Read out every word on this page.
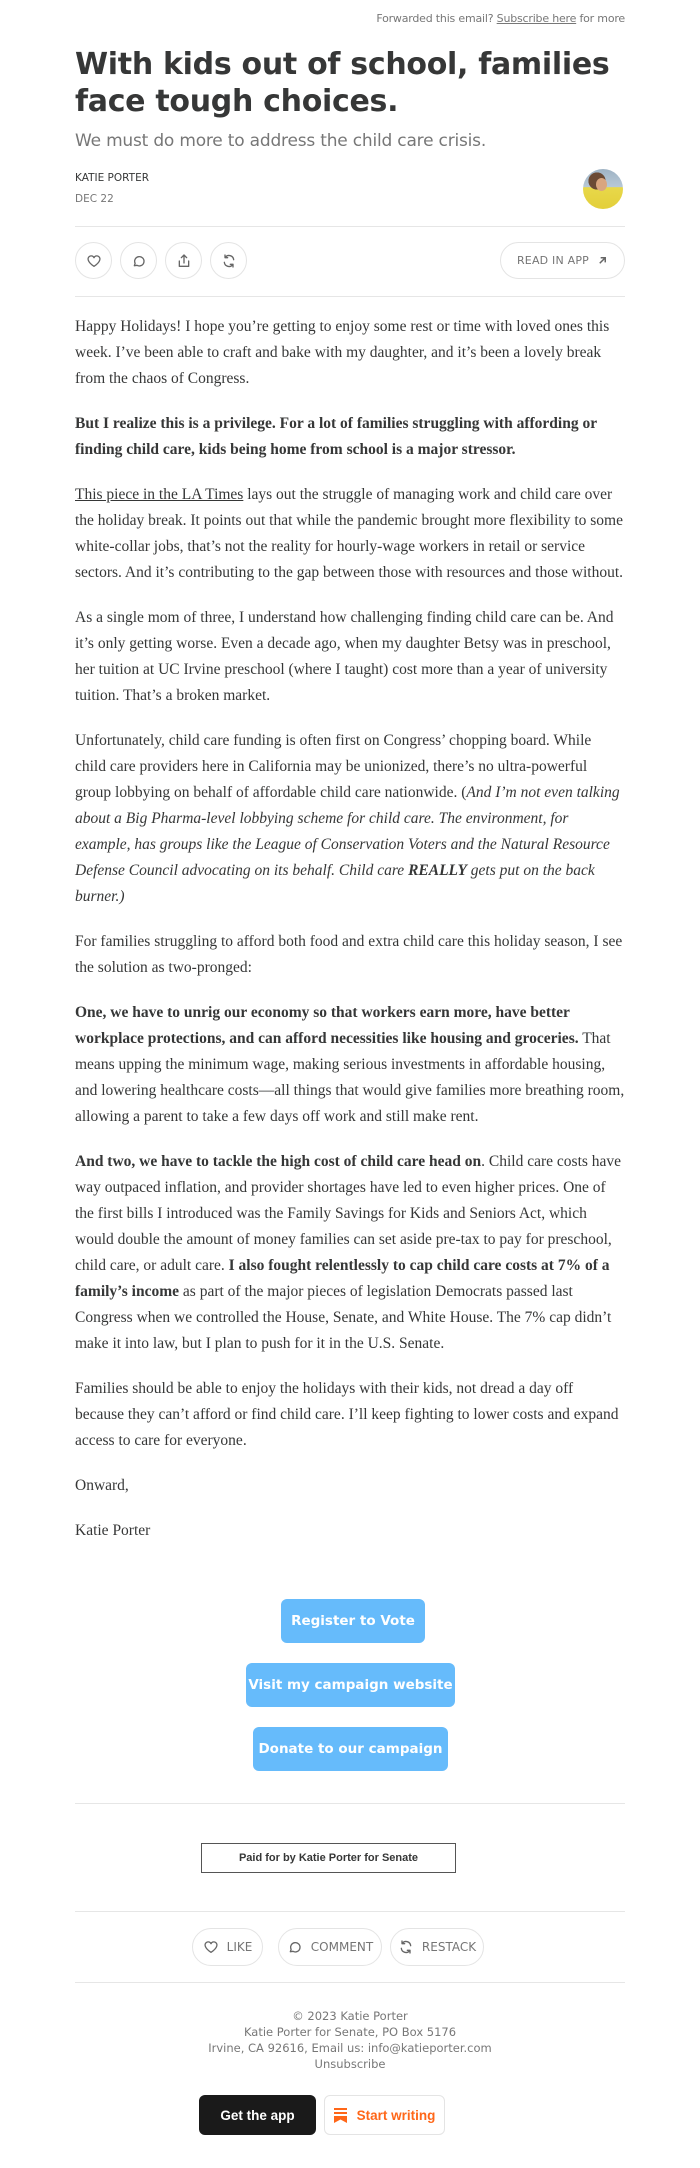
Forwarded this email? Subscribe here for more
With kids out of school, families face tough choices.
We must do more to address the child care crisis.
KATIE PORTER
DEC 22
READ IN APP

Happy Holidays! I hope you’re getting to enjoy some rest or time with loved ones this week. I’ve been able to craft and bake with my daughter, and it’s been a lovely break from the chaos of Congress.

But I realize this is a privilege. For a lot of families struggling with affording or finding child care, kids being home from school is a major stressor.

This piece in the LA Times lays out the struggle of managing work and child care over the holiday break. It points out that while the pandemic brought more flexibility to some white-collar jobs, that’s not the reality for hourly-wage workers in retail or service sectors. And it’s contributing to the gap between those with resources and those without.

As a single mom of three, I understand how challenging finding child care can be. And it’s only getting worse. Even a decade ago, when my daughter Betsy was in preschool, her tuition at UC Irvine preschool (where I taught) cost more than a year of university tuition. That’s a broken market.

Unfortunately, child care funding is often first on Congress’ chopping board. While child care providers here in California may be unionized, there’s no ultra-powerful group lobbying on behalf of affordable child care nationwide. (And I’m not even talking about a Big Pharma-level lobbying scheme for child care. The environment, for example, has groups like the League of Conservation Voters and the Natural Resource Defense Council advocating on its behalf. Child care REALLY gets put on the back burner.)

For families struggling to afford both food and extra child care this holiday season, I see the solution as two-pronged:

One, we have to unrig our economy so that workers earn more, have better workplace protections, and can afford necessities like housing and groceries. That means upping the minimum wage, making serious investments in affordable housing, and lowering healthcare costs—all things that would give families more breathing room, allowing a parent to take a few days off work and still make rent.

And two, we have to tackle the high cost of child care head on. Child care costs have way outpaced inflation, and provider shortages have led to even higher prices. One of the first bills I introduced was the Family Savings for Kids and Seniors Act, which would double the amount of money families can set aside pre-tax to pay for preschool, child care, or adult care. I also fought relentlessly to cap child care costs at 7% of a family’s income as part of the major pieces of legislation Democrats passed last Congress when we controlled the House, Senate, and White House. The 7% cap didn’t make it into law, but I plan to push for it in the U.S. Senate.

Families should be able to enjoy the holidays with their kids, not dread a day off because they can’t afford or find child care. I’ll keep fighting to lower costs and expand access to care for everyone.

Onward,

Katie Porter

Register to Vote
Visit my campaign website
Donate to our campaign
Paid for by Katie Porter for Senate
LIKE	COMMENT	RESTACK
© 2023 Katie Porter
Katie Porter for Senate, PO Box 5176
Irvine, CA 92616, Email us: info@katieporter.com
Unsubscribe
Get the app	Start writing
